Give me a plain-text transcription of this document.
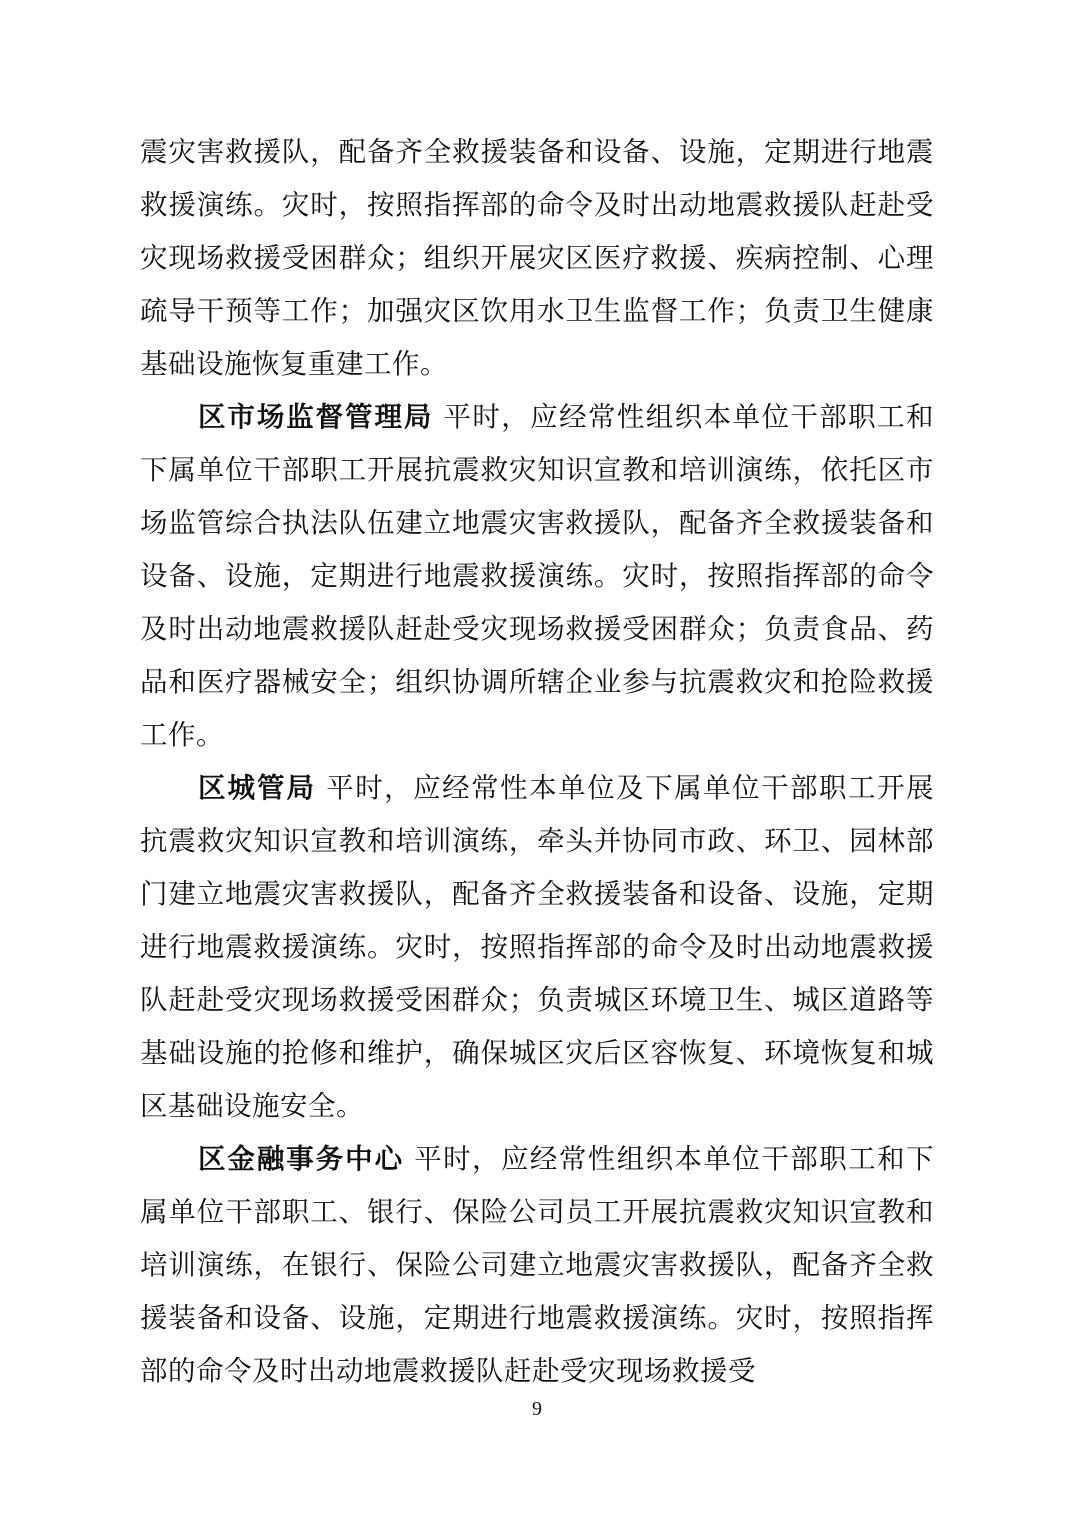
震灾害救援队，配备齐全救援装备和设备、设施，定期进行地震救援演练。灾时，按照指挥部的命令及时出动地震救援队赶赴受灾现场救援受困群众；组织开展灾区医疗救援、疾病控制、心理疏导干预等工作；加强灾区饮用水卫生监督工作；负责卫生健康基础设施恢复重建工作。

区市场监督管理局 平时，应经常性组织本单位干部职工和下属单位干部职工开展抗震救灾知识宣教和培训演练，依托区市场监管综合执法队伍建立地震灾害救援队，配备齐全救援装备和设备、设施，定期进行地震救援演练。灾时，按照指挥部的命令及时出动地震救援队赶赴受灾现场救援受困群众；负责食品、药品和医疗器械安全；组织协调所辖企业参与抗震救灾和抢险救援工作。

区城管局 平时，应经常性本单位及下属单位干部职工开展抗震救灾知识宣教和培训演练，牵头并协同市政、环卫、园林部门建立地震灾害救援队，配备齐全救援装备和设备、设施，定期进行地震救援演练。灾时，按照指挥部的命令及时出动地震救援队赶赴受灾现场救援受困群众；负责城区环境卫生、城区道路等基础设施的抢修和维护，确保城区灾后区容恢复、环境恢复和城区基础设施安全。

区金融事务中心 平时，应经常性组织本单位干部职工和下属单位干部职工、银行、保险公司员工开展抗震救灾知识宣教和培训演练，在银行、保险公司建立地震灾害救援队，配备齐全救援装备和设备、设施，定期进行地震救援演练。灾时，按照指挥部的命令及时出动地震救援队赶赴受灾现场救援受

9
